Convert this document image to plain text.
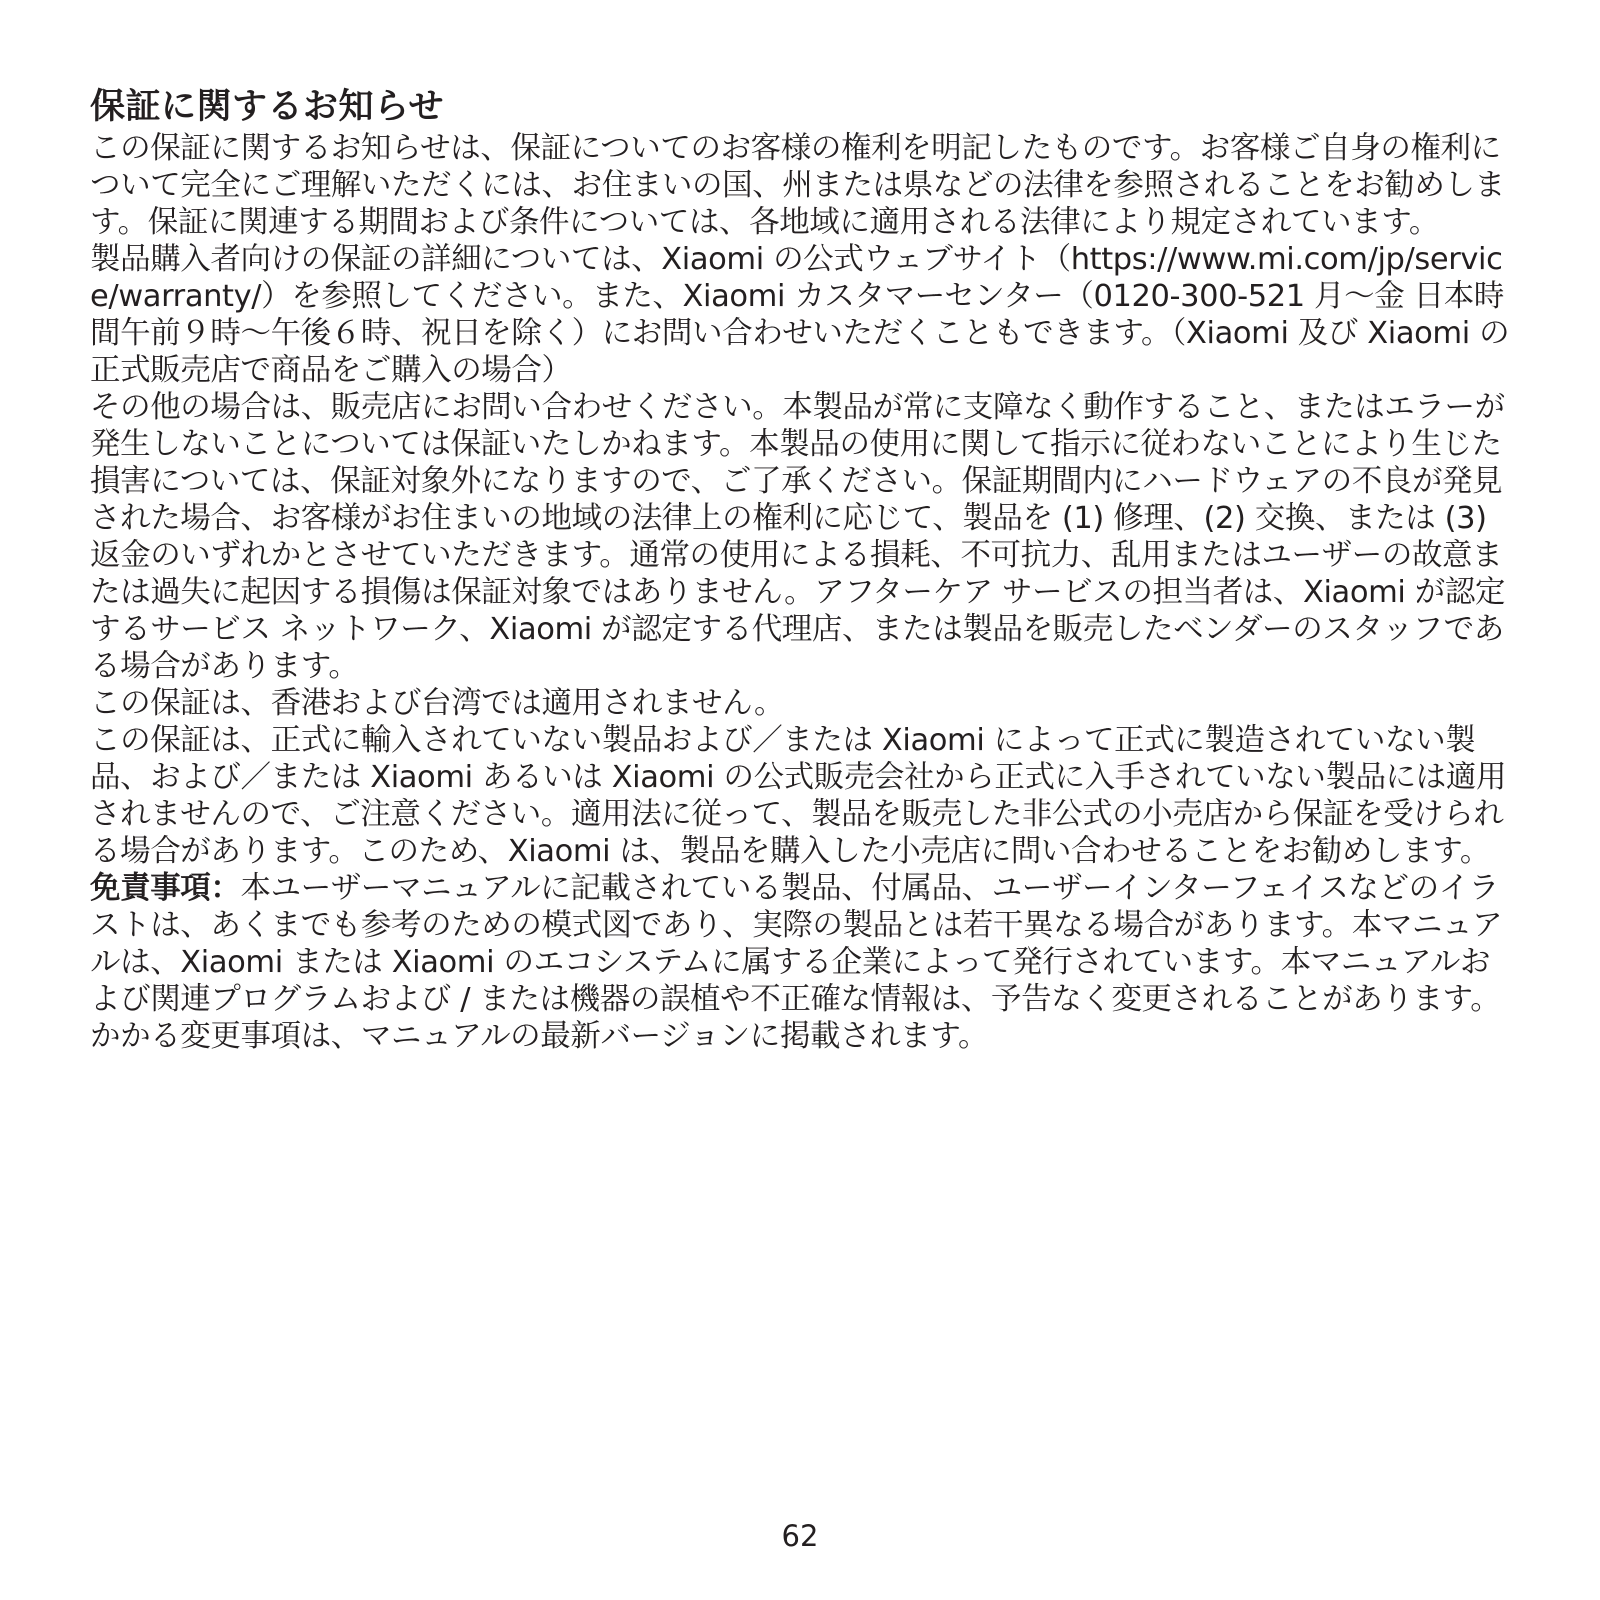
保証に関するお知らせ

この保証に関するお知らせは、保証についてのお客様の権利を明記したものです。お客様ご自身の権利について完全にご理解いただくには、お住まいの国、州または県などの法律を参照されることをお勧めします。保証に関連する期間および条件については、各地域に適用される法律により規定されています。

製品購入者向けの保証の詳細については、Xiaomi の公式ウェブサイト（https://www.mi.com/jp/service/warranty/）を参照してください。また、Xiaomi カスタマーセンター（0120-300-521 月～金 日本時間午前９時～午後６時、祝日を除く）にお問い合わせいただくこともできます。（Xiaomi 及び Xiaomi の正式販売店で商品をご購入の場合）

その他の場合は、販売店にお問い合わせください。本製品が常に支障なく動作すること、またはエラーが発生しないことについては保証いたしかねます。本製品の使用に関して指示に従わないことにより生じた損害については、保証対象外になりますので、ご了承ください。保証期間内にハードウェアの不良が発見された場合、お客様がお住まいの地域の法律上の権利に応じて、製品を (1) 修理、(2) 交換、または (3) 返金のいずれかとさせていただきます。通常の使用による損耗、不可抗力、乱用またはユーザーの故意または過失に起因する損傷は保証対象ではありません。アフターケア サービスの担当者は、Xiaomi が認定するサービス ネットワーク、Xiaomi が認定する代理店、または製品を販売したベンダーのスタッフである場合があります。

この保証は、香港および台湾では適用されません。

この保証は、正式に輸入されていない製品および／または Xiaomi によって正式に製造されていない製品、および／または Xiaomi あるいは Xiaomi の公式販売会社から正式に入手されていない製品には適用されませんので、ご注意ください。適用法に従って、製品を販売した非公式の小売店から保証を受けられる場合があります。このため、Xiaomi は、製品を購入した小売店に問い合わせることをお勧めします。

免責事項：本ユーザーマニュアルに記載されている製品、付属品、ユーザーインターフェイスなどのイラストは、あくまでも参考のための模式図であり、実際の製品とは若干異なる場合があります。本マニュアルは、Xiaomi または Xiaomi のエコシステムに属する企業によって発行されています。本マニュアルおよび関連プログラムおよび / または機器の誤植や不正確な情報は、予告なく変更されることがあります。かかる変更事項は、マニュアルの最新バージョンに掲載されます。

62
